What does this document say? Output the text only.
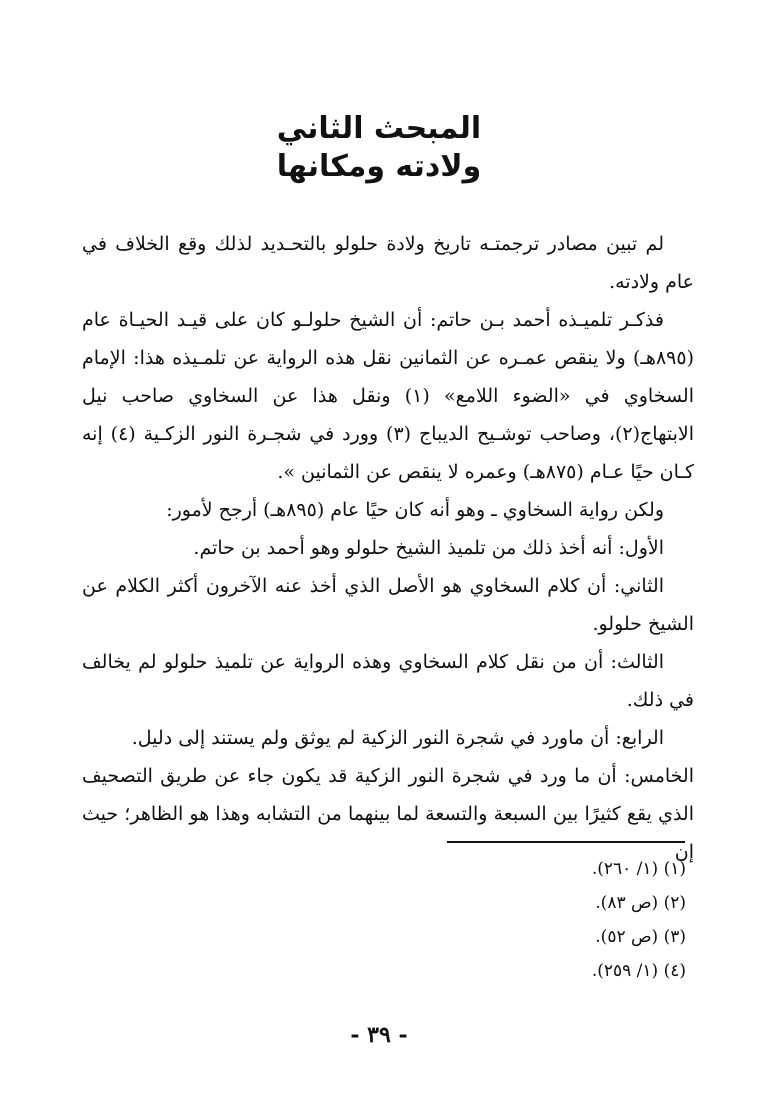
المبحث الثاني
ولادته ومكانها

لم تبين مصادر ترجمتـه تاريخ ولادة حلولو بالتحـديد لذلك وقع الخلاف في عام ولادته.

فذكـر تلميـذه أحمد بـن حاتم: أن الشيخ حلولـو كان على قيـد الحيـاة عام (٨٩٥هـ) ولا ينقص عمـره عن الثمانين نقل هذه الرواية عن تلمـيذه هذا: الإمام السخاوي في «الضوء اللامع» (١) ونقل هذا عن السخاوي صاحب نيل الابتهاج(٢)، وصاحب توشـيح الديباج (٣) وورد في شجـرة النور الزكـية (٤) إنه كـان حيًا عـام (٨٧٥هـ) وعمره لا ينقص عن الثمانين ».

ولكن رواية السخاوي ـ وهو أنه كان حيًا عام (٨٩٥هـ) أرجح لأمور:

الأول: أنه أخذ ذلك من تلميذ الشيخ حلولو وهو أحمد بن حاتم.

الثاني: أن كلام السخاوي هو الأصل الذي أخذ عنه الآخرون أكثر الكلام عن الشيخ حلولو.

الثالث: أن من نقل كلام السخاوي وهذه الرواية عن تلميذ حلولو لم يخالف في ذلك.

الرابع: أن ماورد في شجرة النور الزكية لم يوثق ولم يستند إلى دليل.

الخامس: أن ما ورد في شجرة النور الزكية قد يكون جاء عن طريق التصحيف الذي يقع كثيرًا بين السبعة والتسعة لما بينهما من التشابه وهذا هو الظاهر؛ حيث إن

(١) (١/ ٢٦٠).
(٢) (ص ٨٣).
(٣) (ص ٥٢).
(٤) (١/ ٢٥٩).
- ٣٩ -
